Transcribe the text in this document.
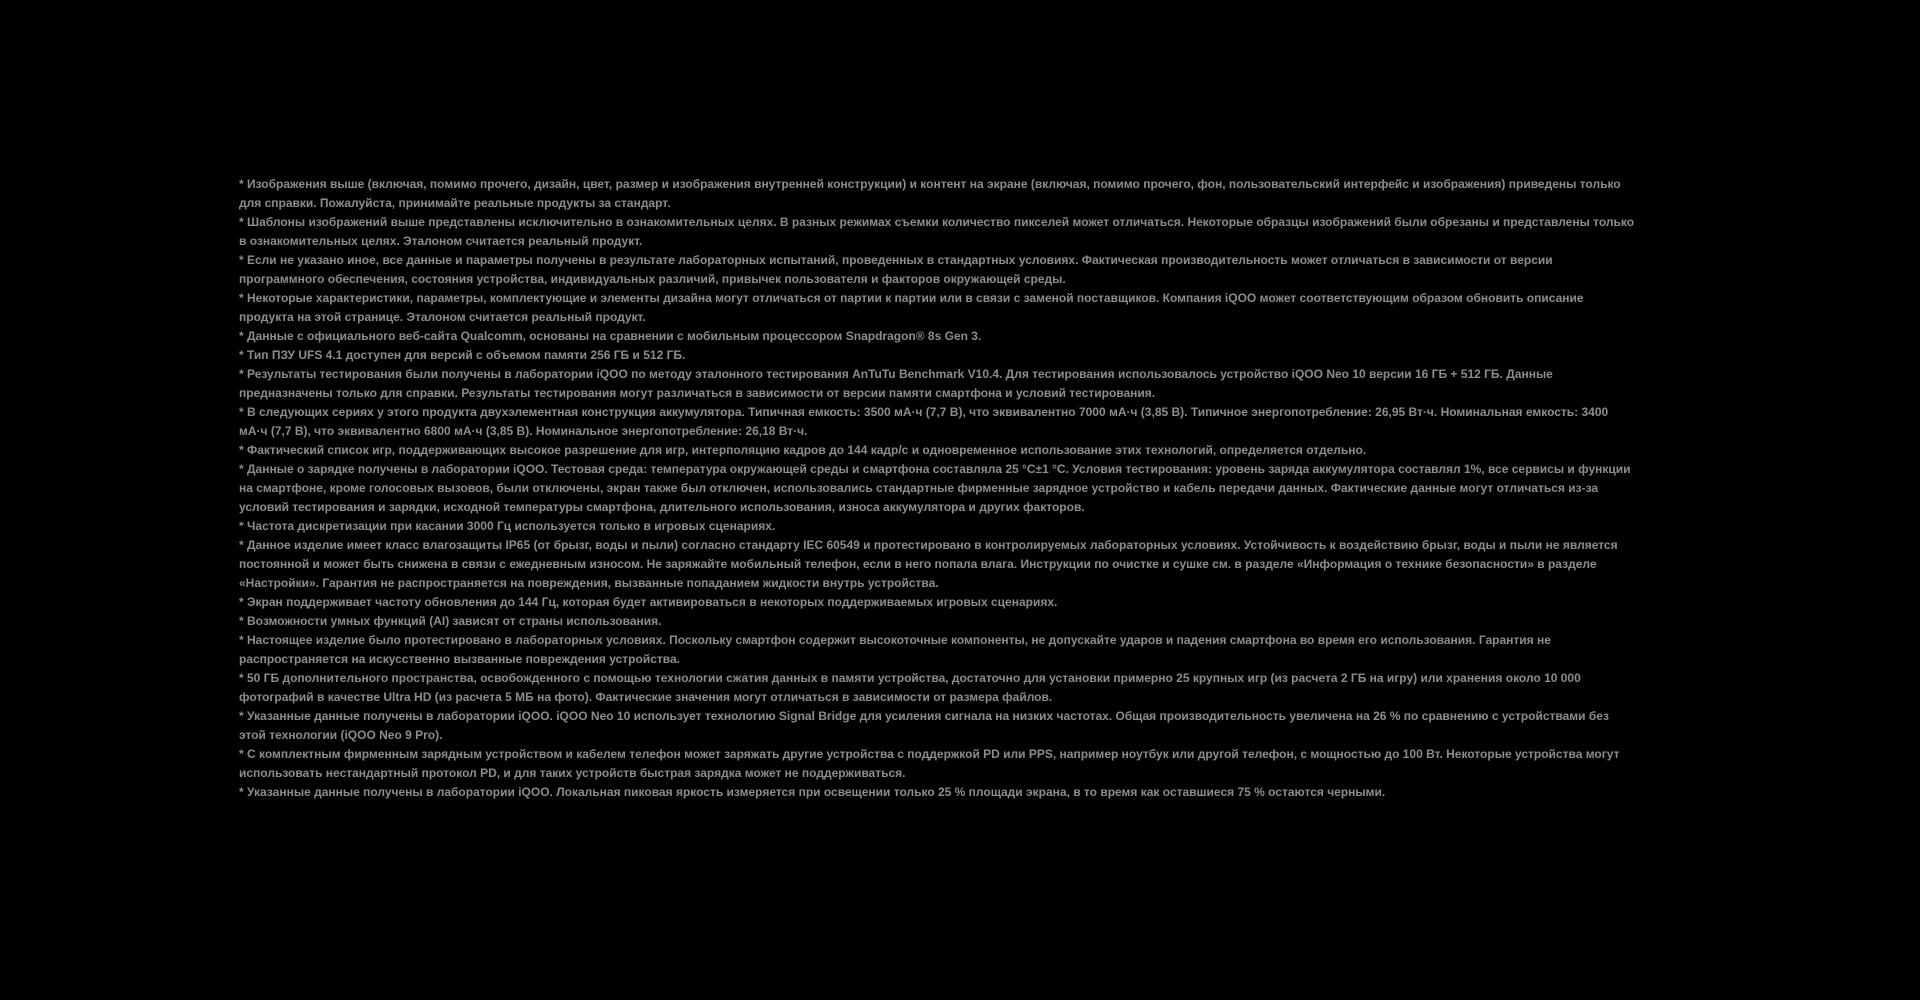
* Изображения выше (включая, помимо прочего, дизайн, цвет, размер и изображения внутренней конструкции) и контент на экране (включая, помимо прочего, фон, пользовательский интерфейс и изображения) приведены только для справки. Пожалуйста, принимайте реальные продукты за стандарт.
* Шаблоны изображений выше представлены исключительно в ознакомительных целях. В разных режимах съемки количество пикселей может отличаться. Некоторые образцы изображений были обрезаны и представлены только в ознакомительных целях. Эталоном считается реальный продукт.
* Если не указано иное, все данные и параметры получены в результате лабораторных испытаний, проведенных в стандартных условиях. Фактическая производительность может отличаться в зависимости от версии программного обеспечения, состояния устройства, индивидуальных различий, привычек пользователя и факторов окружающей среды.
* Некоторые характеристики, параметры, комплектующие и элементы дизайна могут отличаться от партии к партии или в связи с заменой поставщиков. Компания iQOO может соответствующим образом обновить описание продукта на этой странице. Эталоном считается реальный продукт.
* Данные с официального веб-сайта Qualcomm, основаны на сравнении с мобильным процессором Snapdragon® 8s Gen 3.
* Тип ПЗУ UFS 4.1 доступен для версий с объемом памяти 256 ГБ и 512 ГБ.
* Результаты тестирования были получены в лаборатории iQOO по методу эталонного тестирования AnTuTu Benchmark V10.4. Для тестирования использовалось устройство iQOO Neo 10 версии 16 ГБ + 512 ГБ. Данные предназначены только для справки. Результаты тестирования могут различаться в зависимости от версии памяти смартфона и условий тестирования.
* В следующих сериях у этого продукта двухэлементная конструкция аккумулятора. Типичная емкость: 3500 мА·ч (7,7 В), что эквивалентно 7000 мА·ч (3,85 В). Типичное энергопотребление: 26,95 Вт·ч. Номинальная емкость: 3400 мА·ч (7,7 В), что эквивалентно 6800 мА·ч (3,85 В). Номинальное энергопотребление: 26,18 Вт·ч.
* Фактический список игр, поддерживающих высокое разрешение для игр, интерполяцию кадров до 144 кадр/с и одновременное использование этих технологий, определяется отдельно.
* Данные о зарядке получены в лаборатории iQOO. Тестовая среда: температура окружающей среды и смартфона составляла 25 °C±1 °C. Условия тестирования: уровень заряда аккумулятора составлял 1%, все сервисы и функции на смартфоне, кроме голосовых вызовов, были отключены, экран также был отключен, использовались стандартные фирменные зарядное устройство и кабель передачи данных. Фактические данные могут отличаться из-за условий тестирования и зарядки, исходной температуры смартфона, длительного использования, износа аккумулятора и других факторов.
* Частота дискретизации при касании 3000 Гц используется только в игровых сценариях.
* Данное изделие имеет класс влагозащиты IP65 (от брызг, воды и пыли) согласно стандарту IEC 60549 и протестировано в контролируемых лабораторных условиях. Устойчивость к воздействию брызг, воды и пыли не является постоянной и может быть снижена в связи с ежедневным износом. Не заряжайте мобильный телефон, если в него попала влага. Инструкции по очистке и сушке см. в разделе «Информация о технике безопасности» в разделе «Настройки». Гарантия не распространяется на повреждения, вызванные попаданием жидкости внутрь устройства.
* Экран поддерживает частоту обновления до 144 Гц, которая будет активироваться в некоторых поддерживаемых игровых сценариях.
* Возможности умных функций (AI) зависят от страны использования.
* Настоящее изделие было протестировано в лабораторных условиях. Поскольку смартфон содержит высокоточные компоненты, не допускайте ударов и падения смартфона во время его использования. Гарантия не распространяется на искусственно вызванные повреждения устройства.
* 50 ГБ дополнительного пространства, освобожденного с помощью технологии сжатия данных в памяти устройства, достаточно для установки примерно 25 крупных игр (из расчета 2 ГБ на игру) или хранения около 10 000 фотографий в качестве Ultra HD (из расчета 5 МБ на фото). Фактические значения могут отличаться в зависимости от размера файлов.
* Указанные данные получены в лаборатории iQOO. iQOO Neo 10 использует технологию Signal Bridge для усиления сигнала на низких частотах. Общая производительность увеличена на 26 % по сравнению с устройствами без этой технологии (iQOO Neo 9 Pro).
* С комплектным фирменным зарядным устройством и кабелем телефон может заряжать другие устройства с поддержкой PD или PPS, например ноутбук или другой телефон, с мощностью до 100 Вт. Некоторые устройства могут использовать нестандартный протокол PD, и для таких устройств быстрая зарядка может не поддерживаться.
* Указанные данные получены в лаборатории iQOO. Локальная пиковая яркость измеряется при освещении только 25 % площади экрана, в то время как оставшиеся 75 % остаются черными.
